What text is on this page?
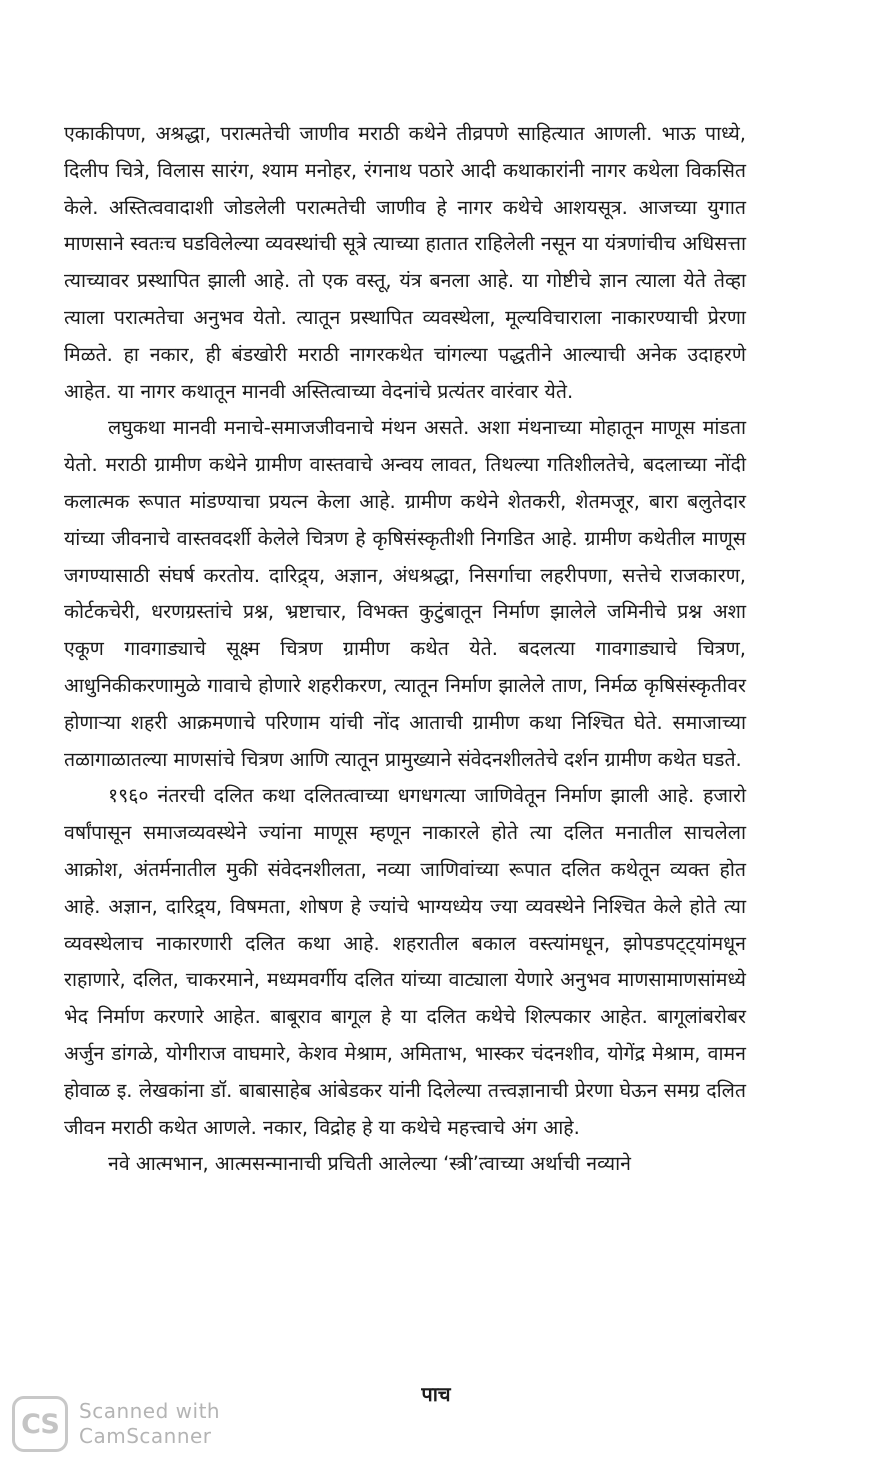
एकाकीपण, अश्रद्धा, परात्मतेची जाणीव मराठी कथेने तीव्रपणे साहित्यात आणली. भाऊ पाध्ये, दिलीप चित्रे, विलास सारंग, श्याम मनोहर, रंगनाथ पठारे आदी कथाकारांनी नागर कथेला विकसित केले. अस्तित्ववादाशी जोडलेली परात्मतेची जाणीव हे नागर कथेचे आशयसूत्र. आजच्या युगात माणसाने स्वतःच घडविलेल्या व्यवस्थांची सूत्रे त्याच्या हातात राहिलेली नसून या यंत्रणांचीच अधिसत्ता त्याच्यावर प्रस्थापित झाली आहे. तो एक वस्तू, यंत्र बनला आहे. या गोष्टीचे ज्ञान त्याला येते तेव्हा त्याला परात्मतेचा अनुभव येतो. त्यातून प्रस्थापित व्यवस्थेला, मूल्यविचाराला नाकारण्याची प्रेरणा मिळते. हा नकार, ही बंडखोरी मराठी नागरकथेत चांगल्या पद्धतीने आल्याची अनेक उदाहरणे आहेत. या नागर कथातून मानवी अस्तित्वाच्या वेदनांचे प्रत्यंतर वारंवार येते.

लघुकथा मानवी मनाचे-समाजजीवनाचे मंथन असते. अशा मंथनाच्या मोहातून माणूस मांडता येतो. मराठी ग्रामीण कथेने ग्रामीण वास्तवाचे अन्वय लावत, तिथल्या गतिशीलतेचे, बदलाच्या नोंदी कलात्मक रूपात मांडण्याचा प्रयत्न केला आहे. ग्रामीण कथेने शेतकरी, शेतमजूर, बारा बलुतेदार यांच्या जीवनाचे वास्तवदर्शी केलेले चित्रण हे कृषिसंस्कृतीशी निगडित आहे. ग्रामीण कथेतील माणूस जगण्यासाठी संघर्ष करतोय. दारिद्र्य, अज्ञान, अंधश्रद्धा, निसर्गाचा लहरीपणा, सत्तेचे राजकारण, कोर्टकचेरी, धरणग्रस्तांचे प्रश्न, भ्रष्टाचार, विभक्त कुटुंबातून निर्माण झालेले जमिनीचे प्रश्न अशा एकूण गावगाड्याचे सूक्ष्म चित्रण ग्रामीण कथेत येते. बदलत्या गावगाड्याचे चित्रण, आधुनिकीकरणामुळे गावाचे होणारे शहरीकरण, त्यातून निर्माण झालेले ताण, निर्मळ कृषिसंस्कृतीवर होणाऱ्या शहरी आक्रमणाचे परिणाम यांची नोंद आताची ग्रामीण कथा निश्चित घेते. समाजाच्या तळागाळातल्या माणसांचे चित्रण आणि त्यातून प्रामुख्याने संवेदनशीलतेचे दर्शन ग्रामीण कथेत घडते.

१९६० नंतरची दलित कथा दलितत्वाच्या धगधगत्या जाणिवेतून निर्माण झाली आहे. हजारो वर्षांपासून समाजव्यवस्थेने ज्यांना माणूस म्हणून नाकारले होते त्या दलित मनातील साचलेला आक्रोश, अंतर्मनातील मुकी संवेदनशीलता, नव्या जाणिवांच्या रूपात दलित कथेतून व्यक्त होत आहे. अज्ञान, दारिद्र्य, विषमता, शोषण हे ज्यांचे भाग्यध्येय ज्या व्यवस्थेने निश्चित केले होते त्या व्यवस्थेलाच नाकारणारी दलित कथा आहे. शहरातील बकाल वस्त्यांमधून, झोपडपट्ट्यांमधून राहाणारे, दलित, चाकरमाने, मध्यमवर्गीय दलित यांच्या वाट्याला येणारे अनुभव माणसामाणसांमध्ये भेद निर्माण करणारे आहेत. बाबूराव बागूल हे या दलित कथेचे शिल्पकार आहेत. बागूलांबरोबर अर्जुन डांगळे, योगीराज वाघमारे, केशव मेश्राम, अमिताभ, भास्कर चंदनशीव, योगेंद्र मेश्राम, वामन होवाळ इ. लेखकांना डॉ. बाबासाहेब आंबेडकर यांनी दिलेल्या तत्त्वज्ञानाची प्रेरणा घेऊन समग्र दलित जीवन मराठी कथेत आणले. नकार, विद्रोह हे या कथेचे महत्त्वाचे अंग आहे.

नवे आत्मभान, आत्मसन्मानाची प्रचिती आलेल्या ‘स्त्री’त्वाच्या अर्थाची नव्याने

पाच
CS	Scanned with
CamScanner
